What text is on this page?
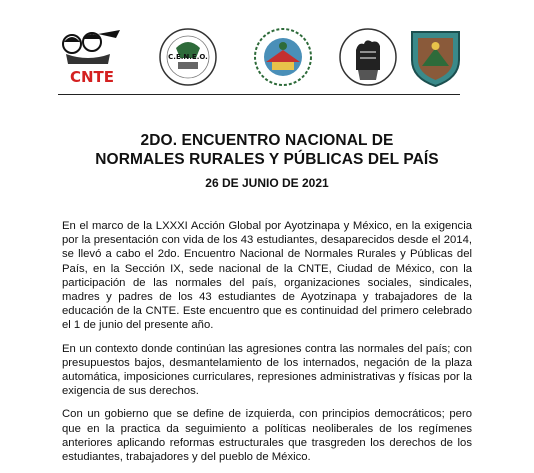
CNTE
C.E.N.E.O.
2DO. ENCUENTRO NACIONAL DE
NORMALES RURALES Y PÚBLICAS DEL PAÍS
26 DE JUNIO DE 2021

En el marco de la LXXXI Acción Global por Ayotzinapa y México, en la exigencia por la presentación con vida de los 43 estudiantes, desaparecidos desde el 2014, se llevó a cabo el 2do. Encuentro Nacional de Normales Rurales y Públicas del País, en la Sección IX, sede nacional de la CNTE, Ciudad de México, con la participación de las normales del país, organizaciones sociales, sindicales, madres y padres de los 43 estudiantes de Ayotzinapa y trabajadores de la educación de la CNTE. Este encuentro que es continuidad del primero celebrado el 1 de junio del presente año.

En un contexto donde continúan las agresiones contra las normales del país; con presupuestos bajos, desmantelamiento de los internados, negación de la plaza automática, imposiciones curriculares, represiones administrativas y físicas por la exigencia de sus derechos.

Con un gobierno que se define de izquierda, con principios democráticos; pero que en la practica da seguimiento a políticas neoliberales de los regímenes anteriores aplicando reformas estructurales que trasgreden los derechos de los estudiantes, trabajadores y del pueblo de México.
